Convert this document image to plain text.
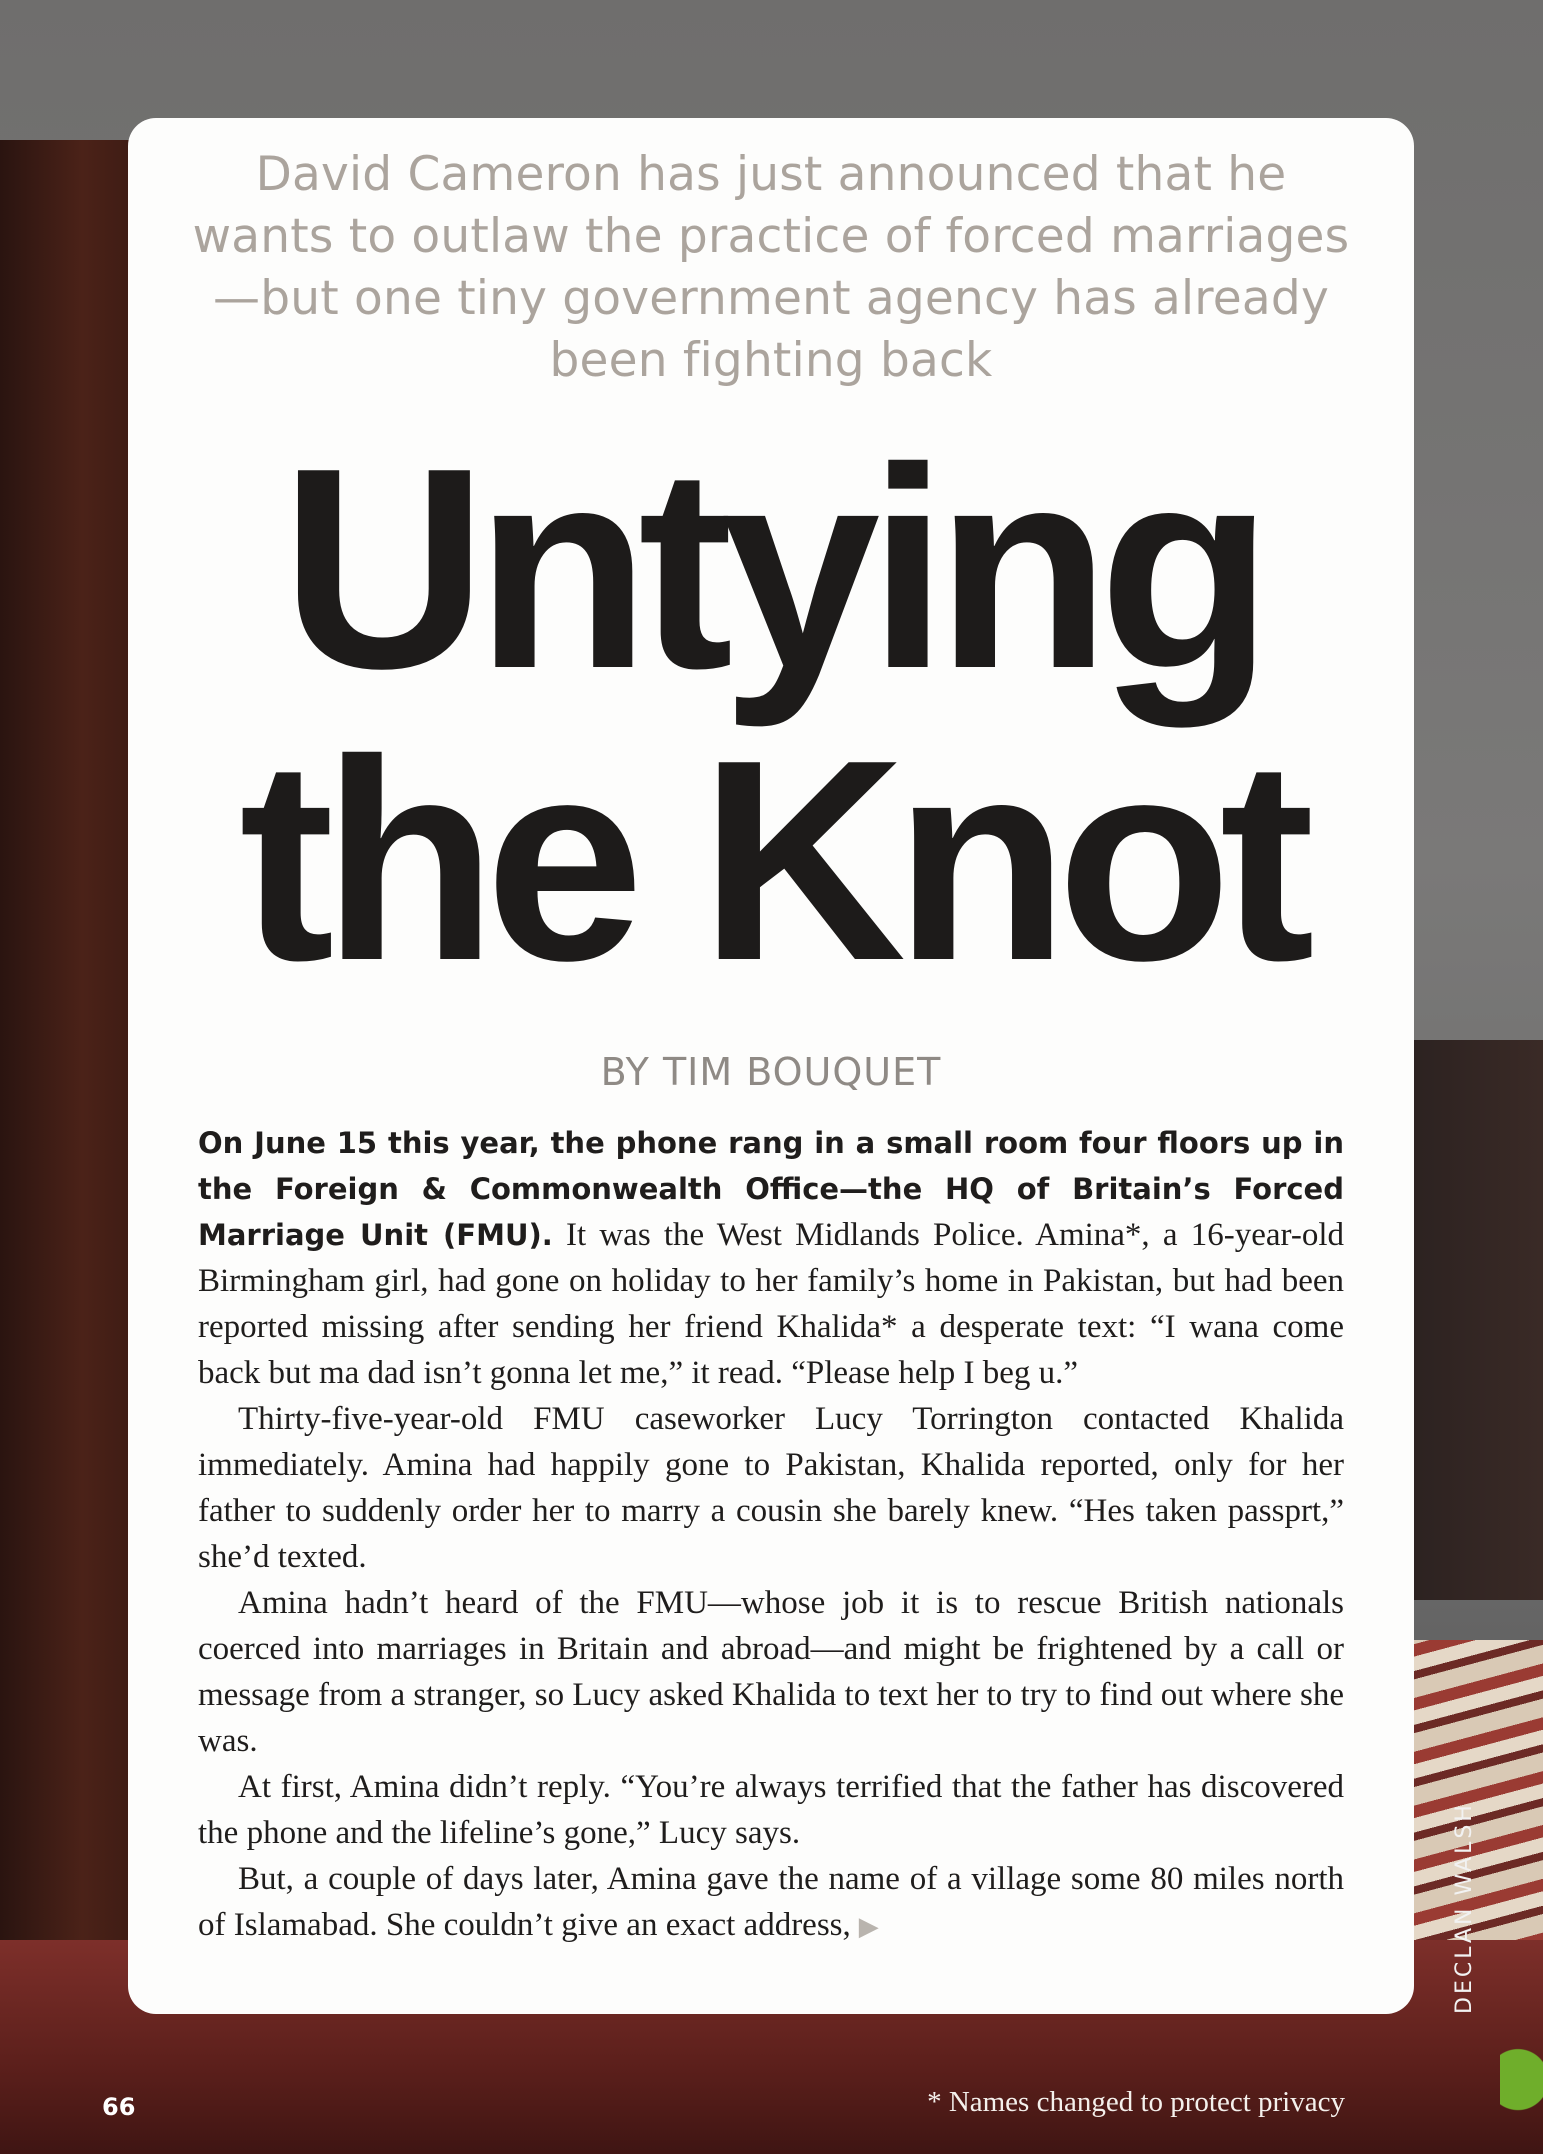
David Cameron has just announced that he wants to outlaw the practice of forced marriages—but one tiny government agency has already been fighting back
Untying
the Knot
BY TIM BOUQUET

On June 15 this year, the phone rang in a small room four floors up in the Foreign & Commonwealth Office—the HQ of Britain’s Forced Marriage Unit (FMU). It was the West Midlands Police. Amina*, a 16-year-old Birmingham girl, had gone on holiday to her family’s home in Pakistan, but had been reported missing after sending her friend Khalida* a desperate text: “I wana come back but ma dad isn’t gonna let me,” it read. “Please help I beg u.”

Thirty-five-year-old FMU caseworker Lucy Torrington contacted Khalida immediately. Amina had happily gone to Pakistan, Khalida reported, only for her father to suddenly order her to marry a cousin she barely knew. “Hes taken passprt,” she’d texted.

Amina hadn’t heard of the FMU—whose job it is to rescue British nationals coerced into marriages in Britain and abroad—and might be frightened by a call or message from a stranger, so Lucy asked Khalida to text her to try to find out where she was.

At first, Amina didn’t reply. “You’re always terrified that the father has discovered the phone and the lifeline’s gone,” Lucy says.

But, a couple of days later, Amina gave the name of a village some 80 miles north of Islamabad. She couldn’t give an exact address, ▶

66	* Names changed to protect privacy
